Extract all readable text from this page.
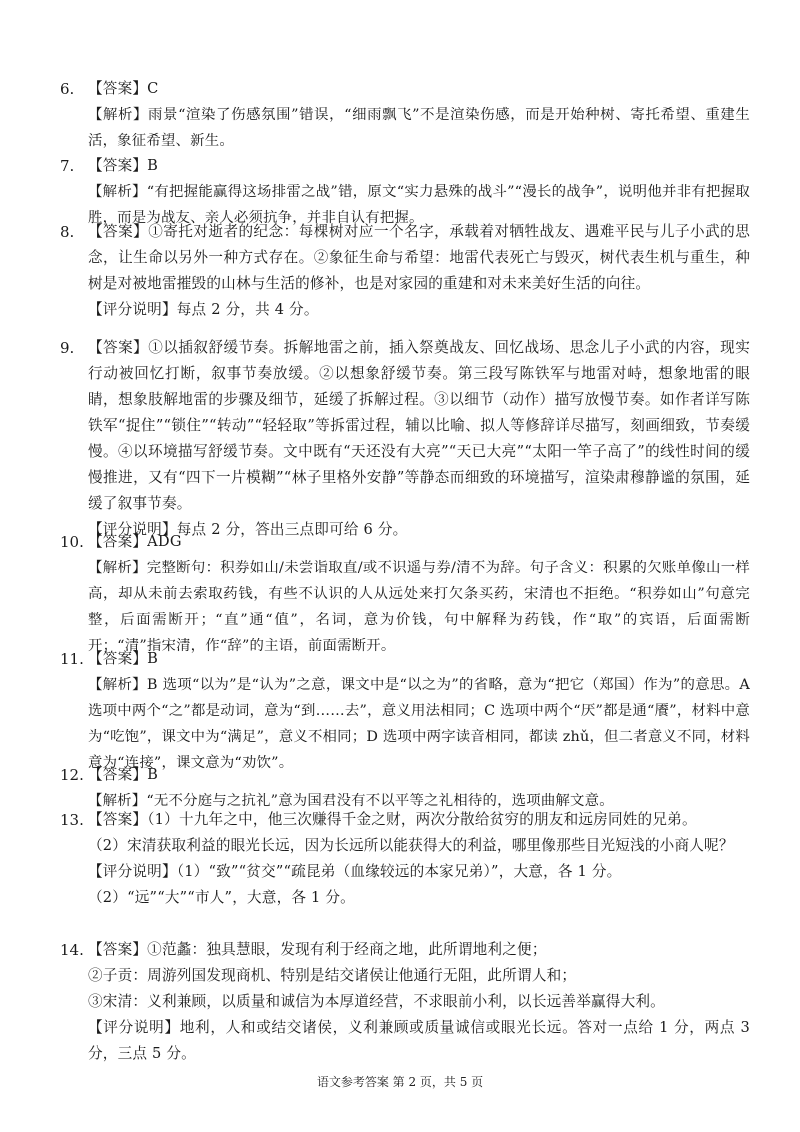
6. 【答案】C
【解析】雨景“渲染了伤感氛围”错误，“细雨飘飞”不是渲染伤感，而是开始种树、寄托希望、重建生活，象征希望、新生。
7. 【答案】B
【解析】“有把握能赢得这场排雷之战”错，原文“实力悬殊的战斗”“漫长的战争”，说明他并非有把握取胜，而是为战友、亲人必须抗争，并非自认有把握。
8. 【答案】①寄托对逝者的纪念：每棵树对应一个名字，承载着对牺牲战友、遇难平民与儿子小武的思念，让生命以另外一种方式存在。②象征生命与希望：地雷代表死亡与毁灭，树代表生机与重生，种树是对被地雷摧毁的山林与生活的修补，也是对家园的重建和对未来美好生活的向往。
【评分说明】每点 2 分，共 4 分。
9. 【答案】①以插叙舒缓节奏。拆解地雷之前，插入祭奠战友、回忆战场、思念儿子小武的内容，现实行动被回忆打断，叙事节奏放缓。②以想象舒缓节奏。第三段写陈铁军与地雷对峙，想象地雷的眼睛，想象肢解地雷的步骤及细节，延缓了拆解过程。③以细节（动作）描写放慢节奏。如作者详写陈铁军“捉住”“锁住”“转动”“轻轻取”等拆雷过程，辅以比喻、拟人等修辞详尽描写，刻画细致，节奏缓慢。④以环境描写舒缓节奏。文中既有“天还没有大亮”“天已大亮”“太阳一竿子高了”的线性时间的缓慢推进，又有“四下一片模糊”“林子里格外安静”等静态而细致的环境描写，渲染肃穆静谧的氛围，延缓了叙事节奏。
【评分说明】每点 2 分，答出三点即可给 6 分。
10. 【答案】ADG
【解析】完整断句：积券如山/未尝诣取直/或不识遥与券/清不为辞。句子含义：积累的欠账单像山一样高，却从未前去索取药钱，有些不认识的人从远处来打欠条买药，宋清也不拒绝。“积券如山”句意完整，后面需断开；“直”通“值”，名词，意为价钱，句中解释为药钱，作“取”的宾语，后面需断开；“清”指宋清，作“辞”的主语，前面需断开。
11. 【答案】B
【解析】B 选项“以为”是“认为”之意，课文中是“以之为”的省略，意为“把它（郑国）作为”的意思。A 选项中两个“之”都是动词，意为“到……去”，意义用法相同；C 选项中两个“厌”都是通“餍”，材料中意为“吃饱”，课文中为“满足”，意义不相同；D 选项中两字读音相同，都读 zhǔ，但二者意义不同，材料意为“连接”，课文意为“劝饮”。
12. 【答案】B
【解析】“无不分庭与之抗礼”意为国君没有不以平等之礼相待的，选项曲解文意。
13. 【答案】（1）十九年之中，他三次赚得千金之财，两次分散给贫穷的朋友和远房同姓的兄弟。
（2）宋清获取利益的眼光长远，因为长远所以能获得大的利益，哪里像那些目光短浅的小商人呢？
【评分说明】（1）“致”“贫交”“疏昆弟（血缘较远的本家兄弟）”，大意，各 1 分。
（2）“远”“大”“市人”，大意，各 1 分。
14. 【答案】①范蠡：独具慧眼，发现有利于经商之地，此所谓地利之便；
②子贡：周游列国发现商机、特别是结交诸侯让他通行无阻，此所谓人和；
③宋清：义利兼顾，以质量和诚信为本厚道经营，不求眼前小利，以长远善举赢得大利。
【评分说明】地利，人和或结交诸侯，义利兼顾或质量诚信或眼光长远。答对一点给 1 分，两点 3 分，三点 5 分。
语文参考答案 第 2 页，共 5 页
